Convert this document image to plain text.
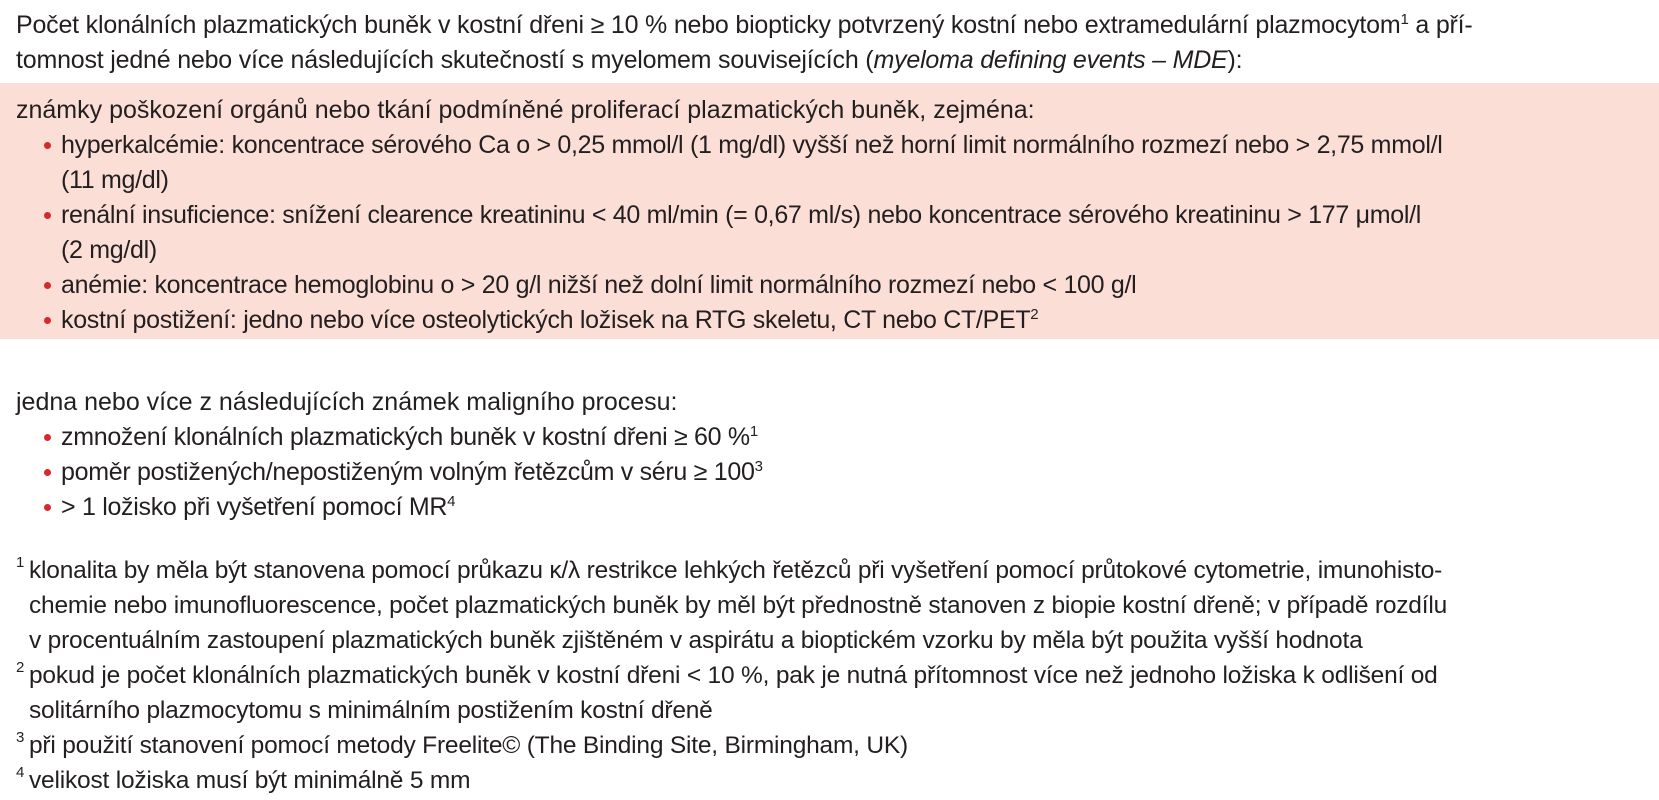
Počet klonálních plazmatických buněk v kostní dřeni ≥ 10 % nebo biopticky potvrzený kostní nebo extramedulární plazmocytom$^1$ a pří-
tomnost jedné nebo více následujících skutečností s myelomem souvisejících (myeloma defining events – MDE):
známky poškození orgánů nebo tkání podmíněné proliferací plazmatických buněk, zejména:
hyperkalcémie: koncentrace sérového Ca o > 0,25 mmol/l (1 mg/dl) vyšší než horní limit normálního rozmezí nebo > 2,75 mmol/l
(11 mg/dl)
renální insuficience: snížení clearence kreatininu < 40 ml/min (= 0,67 ml/s) nebo koncentrace sérového kreatininu > 177 μmol/l
(2 mg/dl)
anémie: koncentrace hemoglobinu o > 20 g/l nižší než dolní limit normálního rozmezí nebo < 100 g/l
kostní postižení: jedno nebo více osteolytických ložisek na RTG skeletu, CT nebo CT/PET$^2$
jedna nebo více z následujících známek maligního procesu:
zmnožení klonálních plazmatických buněk v kostní dřeni ≥ 60 %$^1$
poměr postižených/nepostiženým volným řetězcům v séru ≥ $100^3$
> 1 ložisko při vyšetření pomocí $MR^4$
1 klonalita by měla být stanovena pomocí průkazu κ/λ restrikce lehkých řetězců při vyšetření pomocí průtokové cytometrie, imunohisto-
chemie nebo imunofluorescence, počet plazmatických buněk by měl být přednostně stanoven z biopie kostní dřeně; v případě rozdílu
v procentuálním zastoupení plazmatických buněk zjištěném v aspirátu a bioptickém vzorku by měla být použita vyšší hodnota
2 pokud je počet klonálních plazmatických buněk v kostní dřeni < 10 %, pak je nutná přítomnost více než jednoho ložiska k odlišení od
solitárního plazmocytomu s minimálním postižením kostní dřeně
3 při použití stanovení pomocí metody Freelite© (The Binding Site, Birmingham, UK)
4 velikost ložiska musí být minimálně 5 mm
